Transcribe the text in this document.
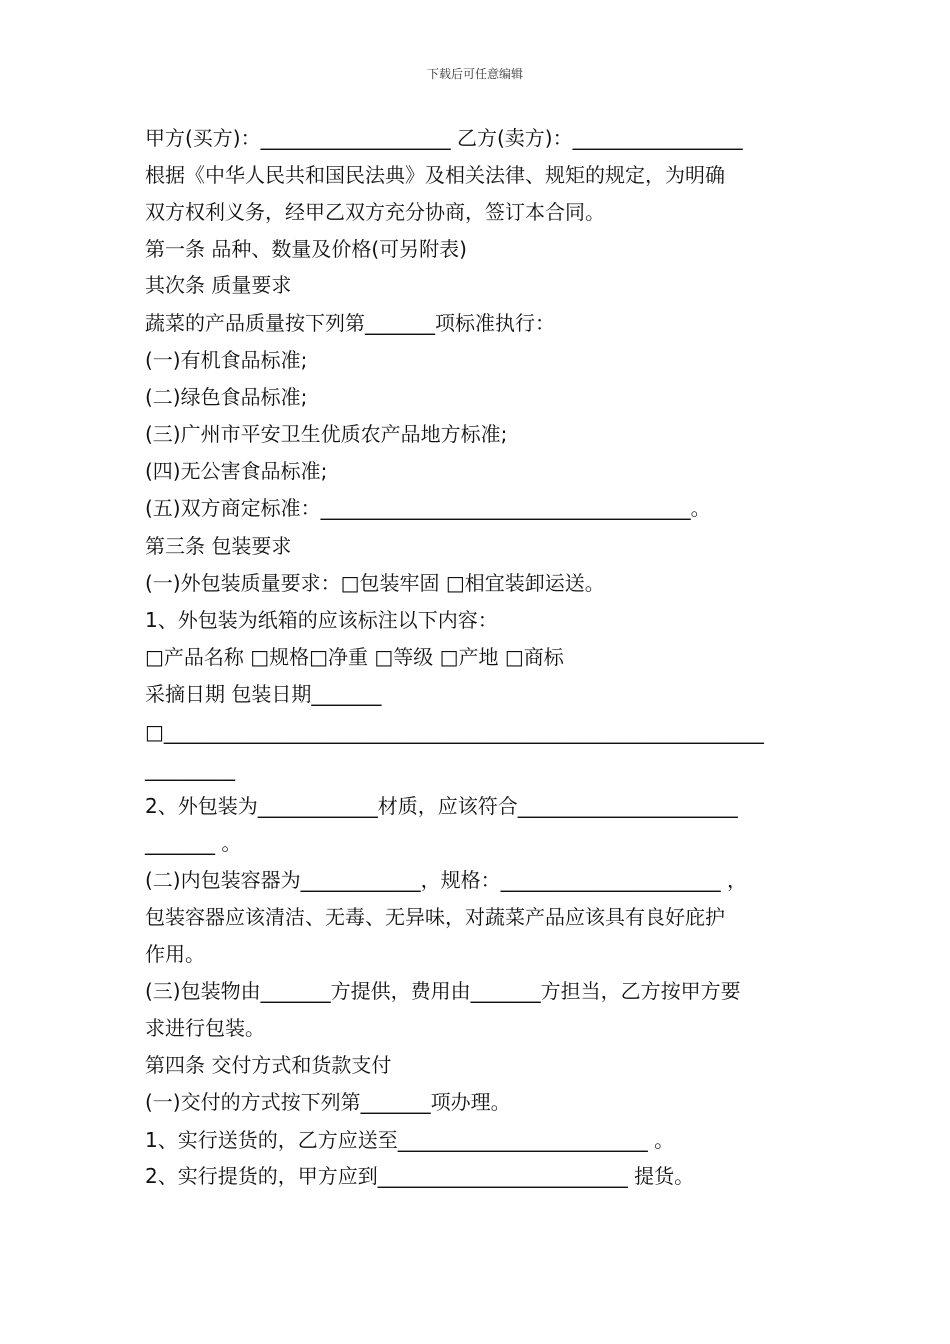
下载后可任意编辑
甲方(买方)：___________________ 乙方(卖方)：_________________
根据《中华人民共和国民法典》及相关法律、规矩的规定，为明确
双方权利义务，经甲乙双方充分协商，签订本合同。
第一条 品种、数量及价格(可另附表)
其次条 质量要求
蔬菜的产品质量按下列第_______项标准执行：
(一)有机食品标准;
(二)绿色食品标准;
(三)广州市平安卫生优质农产品地方标准;
(四)无公害食品标准;
(五)双方商定标准：_____________________________________。
第三条 包装要求
(一)外包装质量要求：□包装牢固 □相宜装卸运送。
1、外包装为纸箱的应该标注以下内容：
□产品名称 □规格□净重 □等级 □产地 □商标
采摘日期 包装日期_______
□____________________________________________________________
_________
2、外包装为____________材质，应该符合______________________
_______ 。
(二)内包装容器为____________，规格：______________________ ，
包装容器应该清洁、无毒、无异味，对蔬菜产品应该具有良好庇护
作用。
(三)包装物由_______方提供，费用由_______方担当，乙方按甲方要
求进行包装。
第四条 交付方式和货款支付
(一)交付的方式按下列第_______项办理。
1、实行送货的，乙方应送至_________________________ 。
2、实行提货的，甲方应到_________________________ 提货。
